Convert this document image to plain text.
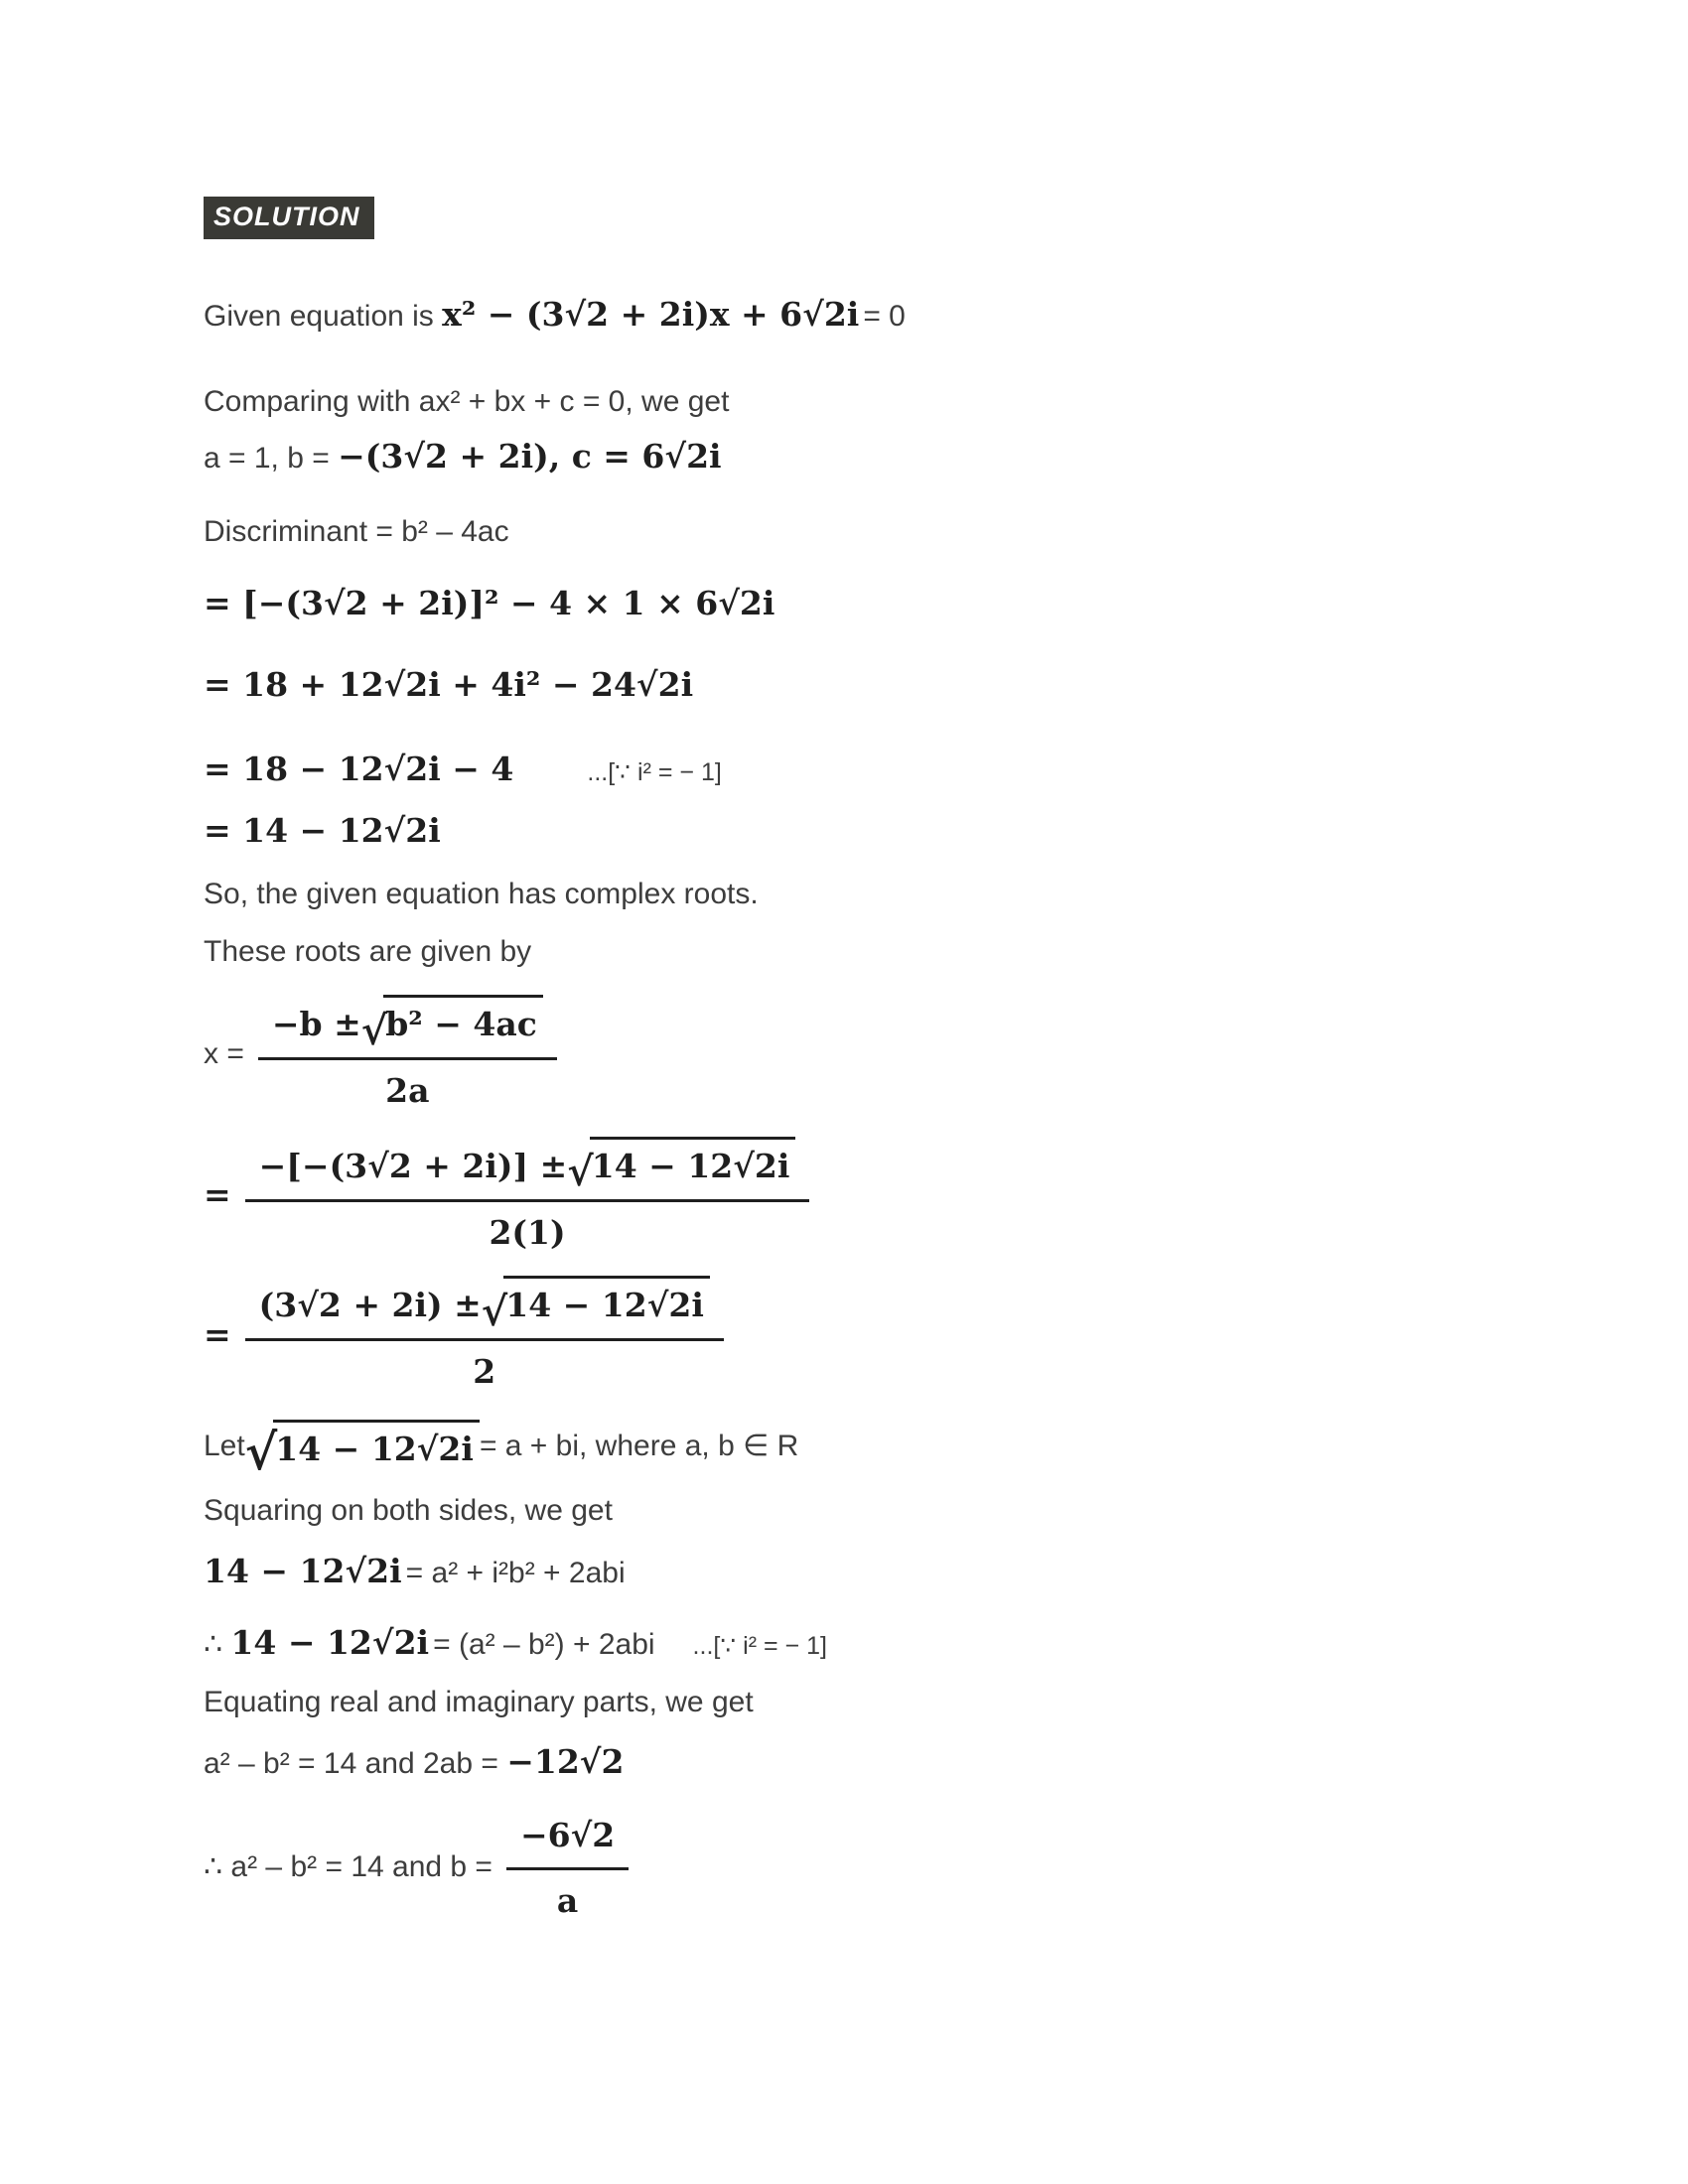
SOLUTION
Given equation is x² − (3√2 + 2i)x + 6√2i = 0
Comparing with ax² + bx + c = 0, we get
a = 1, b = −(3√2 + 2i), c = 6√2i
Discriminant = b² – 4ac
= [−(3√2 + 2i)]² − 4 × 1 × 6√2i
= 18 + 12√2i + 4i² − 24√2i
= 18 − 12√2i − 4	...[∵ i² = − 1]
= 14 − 12√2i
So, the given equation has complex roots.
These roots are given by
x = −b ± √
b² − 4ac
2a
=
−[−(3√2 + 2i)] ± √
14 − 12√2i
2(1)
=
(3√2 + 2i) ± √
14 − 12√2i
2
Let √
14 − 12√2i = a + bi, where a, b ∈ R
Squaring on both sides, we get
14 − 12√2i = a² + i²b² + 2abi
∴ 14 − 12√2i = (a² – b²) + 2abi ...[∵ i² = − 1]
Equating real and imaginary parts, we get
a² – b² = 14 and 2ab = −12√2
∴ a² – b² = 14 and $b = \frac{-6√2}{a}$
